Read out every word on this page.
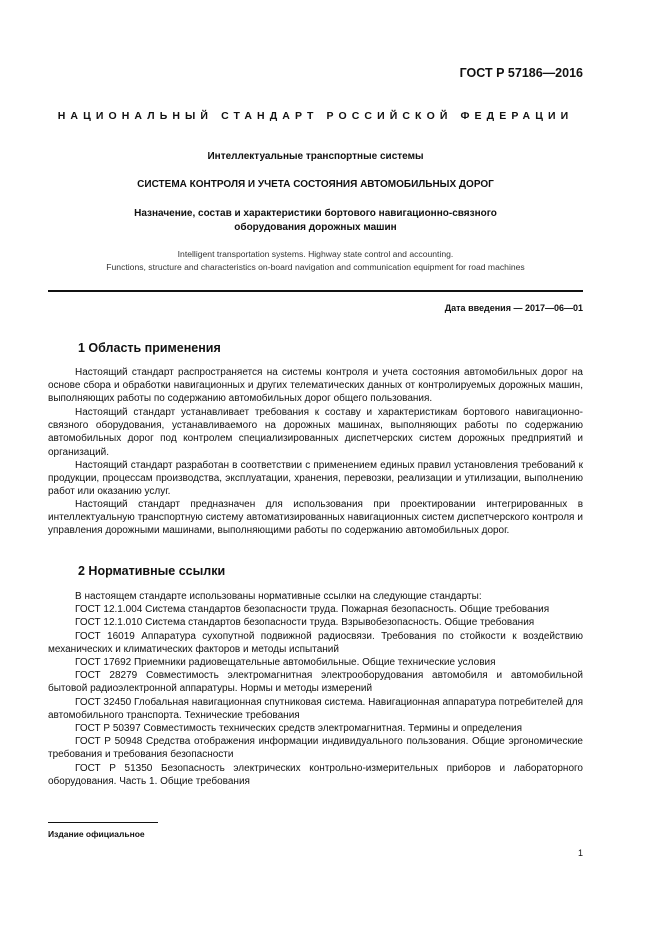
ГОСТ Р 57186—2016
НАЦИОНАЛЬНЫЙ СТАНДАРТ РОССИЙСКОЙ ФЕДЕРАЦИИ
Интеллектуальные транспортные системы
СИСТЕМА КОНТРОЛЯ И УЧЕТА СОСТОЯНИЯ АВТОМОБИЛЬНЫХ ДОРОГ
Назначение, состав и характеристики бортового навигационно-связного оборудования дорожных машин
Intelligent transportation systems. Highway state control and accounting.
Functions, structure and characteristics on-board navigation and communication equipment for road machines
Дата введения — 2017—06—01
1 Область применения
Настоящий стандарт распространяется на системы контроля и учета состояния автомобильных дорог на основе сбора и обработки навигационных и других телематических данных от контролируемых дорожных машин, выполняющих работы по содержанию автомобильных дорог общего пользования.
Настоящий стандарт устанавливает требования к составу и характеристикам бортового навигационно-связного оборудования, устанавливаемого на дорожных машинах, выполняющих работы по содержанию автомобильных дорог под контролем специализированных диспетчерских систем дорожных предприятий и организаций.
Настоящий стандарт разработан в соответствии с применением единых правил установления требований к продукции, процессам производства, эксплуатации, хранения, перевозки, реализации и утилизации, выполнению работ или оказанию услуг.
Настоящий стандарт предназначен для использования при проектировании интегрированных в интеллектуальную транспортную систему автоматизированных навигационных систем диспетчерского контроля и управления дорожными машинами, выполняющими работы по содержанию автомобильных дорог.
2 Нормативные ссылки
В настоящем стандарте использованы нормативные ссылки на следующие стандарты:
ГОСТ 12.1.004 Система стандартов безопасности труда. Пожарная безопасность. Общие требования
ГОСТ 12.1.010 Система стандартов безопасности труда. Взрывобезопасность. Общие требования
ГОСТ 16019 Аппаратура сухопутной подвижной радиосвязи. Требования по стойкости к воздействию механических и климатических факторов и методы испытаний
ГОСТ 17692 Приемники радиовещательные автомобильные. Общие технические условия
ГОСТ 28279 Совместимость электромагнитная электрооборудования автомобиля и автомобильной бытовой радиоэлектронной аппаратуры. Нормы и методы измерений
ГОСТ 32450 Глобальная навигационная спутниковая система. Навигационная аппаратура потребителей для автомобильного транспорта. Технические требования
ГОСТ Р 50397 Совместимость технических средств электромагнитная. Термины и определения
ГОСТ Р 50948 Средства отображения информации индивидуального пользования. Общие эргономические требования и требования безопасности
ГОСТ Р 51350 Безопасность электрических контрольно-измерительных приборов и лабораторного оборудования. Часть 1. Общие требования
Издание официальное
1
